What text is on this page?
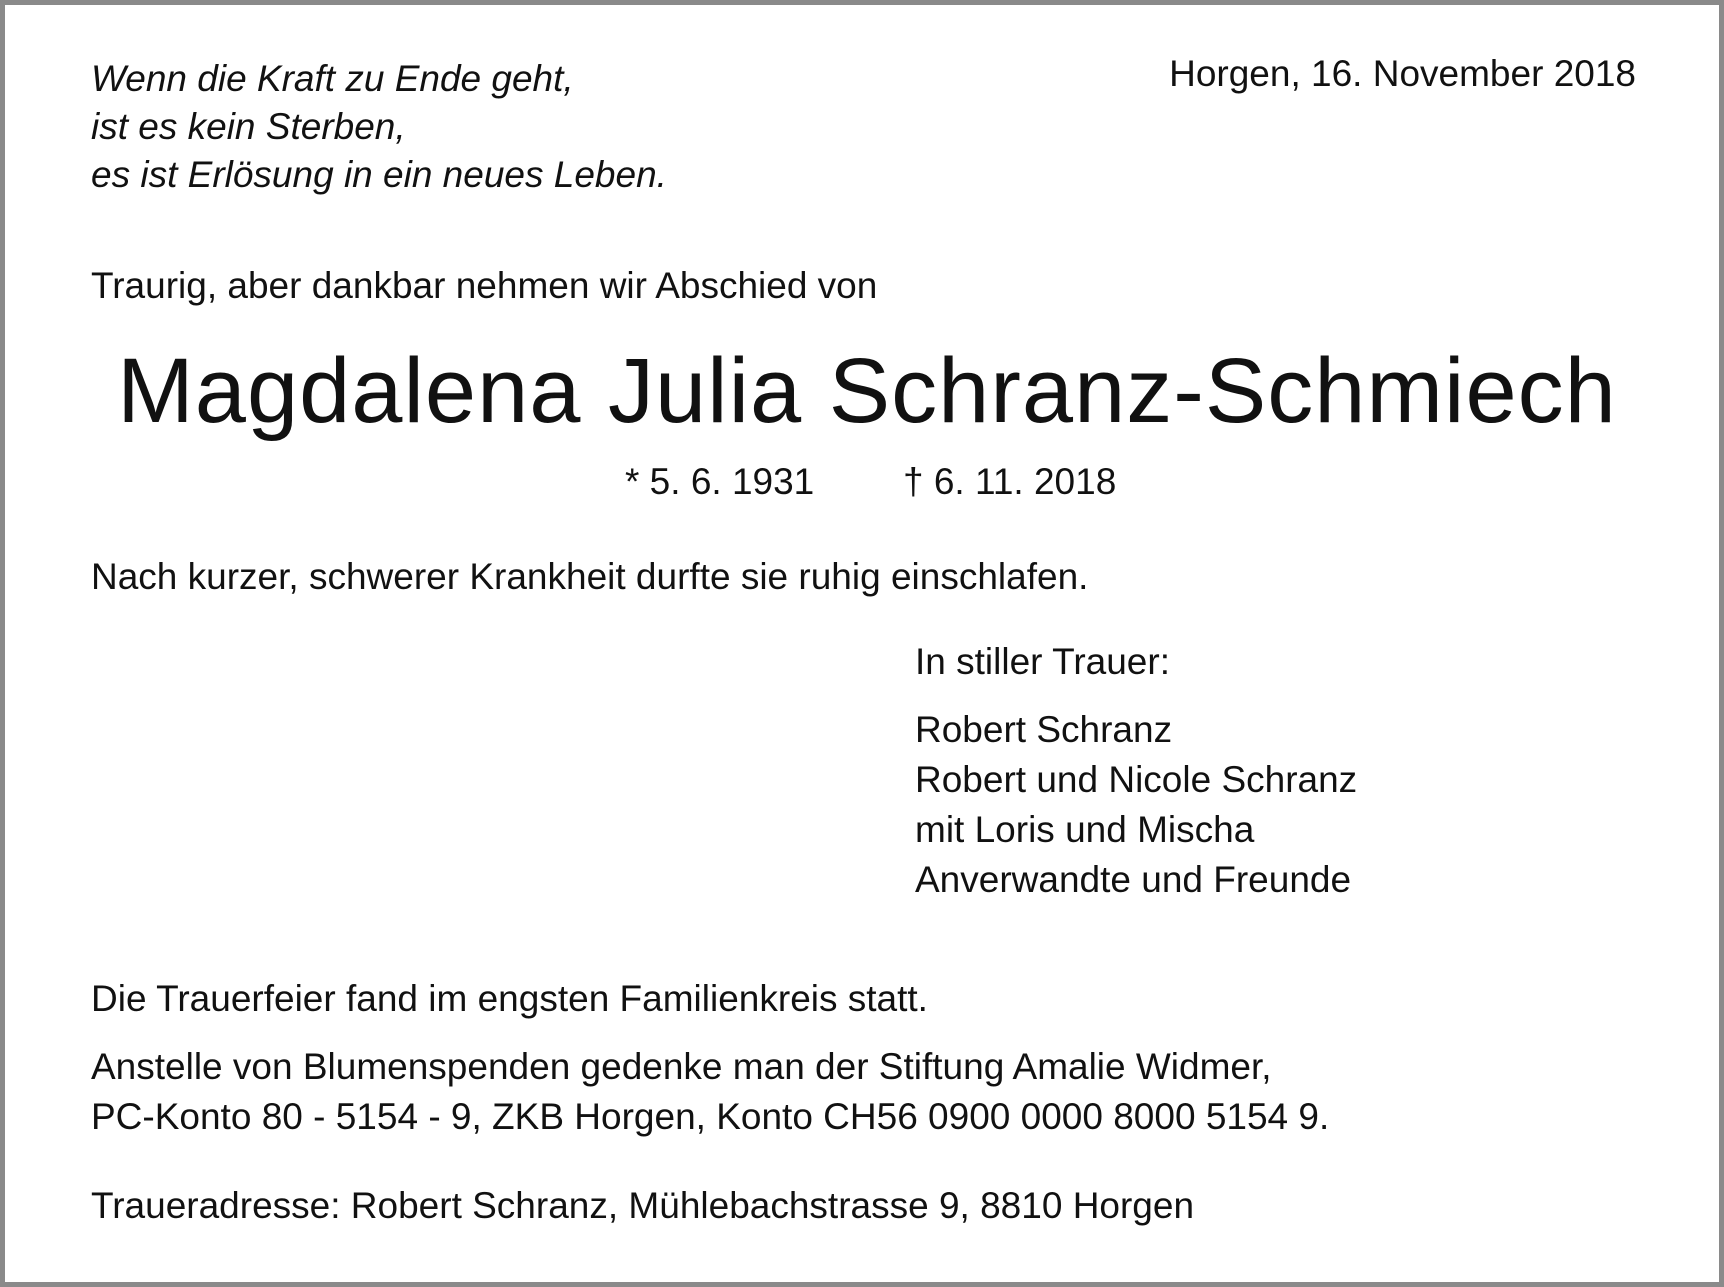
Wenn die Kraft zu Ende geht,
ist es kein Sterben,
es ist Erlösung in ein neues Leben.
Horgen, 16. November 2018
Traurig, aber dankbar nehmen wir Abschied von
Magdalena Julia Schranz-Schmiech
* 5. 6. 1931 † 6. 11. 2018
Nach kurzer, schwerer Krankheit durfte sie ruhig einschlafen.
In stiller Trauer:
Robert Schranz
Robert und Nicole Schranz
mit Loris und Mischa
Anverwandte und Freunde
Die Trauerfeier fand im engsten Familienkreis statt.
Anstelle von Blumenspenden gedenke man der Stiftung Amalie Widmer,
PC-Konto 80 - 5154 - 9, ZKB Horgen, Konto CH56 0900 0000 8000 5154 9.
Traueradresse: Robert Schranz, Mühlebachstrasse 9, 8810 Horgen
